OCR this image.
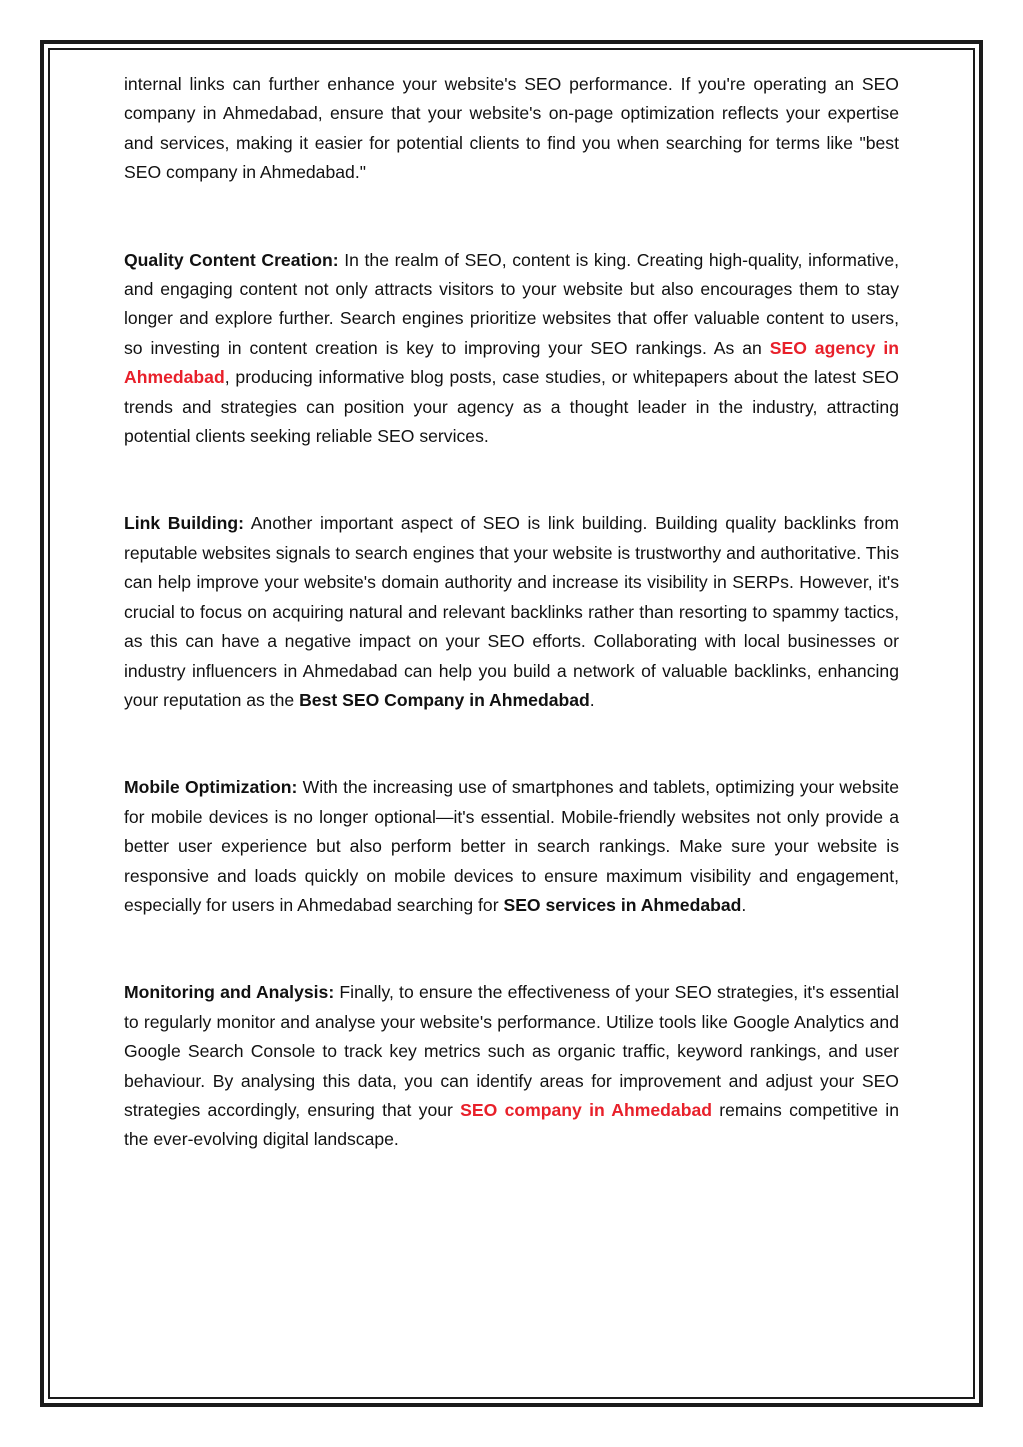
internal links can further enhance your website's SEO performance. If you're operating an SEO company in Ahmedabad, ensure that your website's on-page optimization reflects your expertise and services, making it easier for potential clients to find you when searching for terms like "best SEO company in Ahmedabad."

Quality Content Creation: In the realm of SEO, content is king. Creating high-quality, informative, and engaging content not only attracts visitors to your website but also encourages them to stay longer and explore further. Search engines prioritize websites that offer valuable content to users, so investing in content creation is key to improving your SEO rankings. As an SEO agency in Ahmedabad, producing informative blog posts, case studies, or whitepapers about the latest SEO trends and strategies can position your agency as a thought leader in the industry, attracting potential clients seeking reliable SEO services.

Link Building: Another important aspect of SEO is link building. Building quality backlinks from reputable websites signals to search engines that your website is trustworthy and authoritative. This can help improve your website's domain authority and increase its visibility in SERPs. However, it's crucial to focus on acquiring natural and relevant backlinks rather than resorting to spammy tactics, as this can have a negative impact on your SEO efforts. Collaborating with local businesses or industry influencers in Ahmedabad can help you build a network of valuable backlinks, enhancing your reputation as the Best SEO Company in Ahmedabad.

Mobile Optimization: With the increasing use of smartphones and tablets, optimizing your website for mobile devices is no longer optional—it's essential. Mobile-friendly websites not only provide a better user experience but also perform better in search rankings. Make sure your website is responsive and loads quickly on mobile devices to ensure maximum visibility and engagement, especially for users in Ahmedabad searching for SEO services in Ahmedabad.

Monitoring and Analysis: Finally, to ensure the effectiveness of your SEO strategies, it's essential to regularly monitor and analyse your website's performance. Utilize tools like Google Analytics and Google Search Console to track key metrics such as organic traffic, keyword rankings, and user behaviour. By analysing this data, you can identify areas for improvement and adjust your SEO strategies accordingly, ensuring that your SEO company in Ahmedabad remains competitive in the ever-evolving digital landscape.
